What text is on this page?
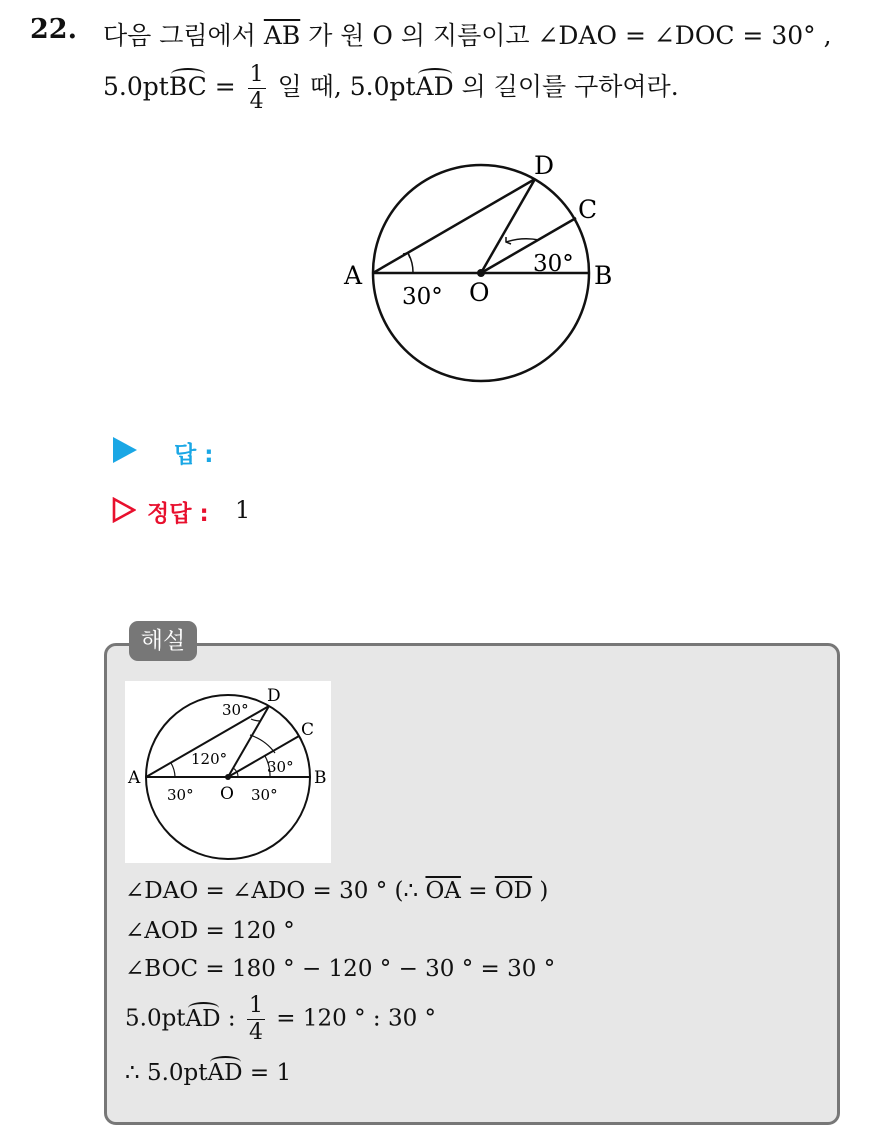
22. 다음 그림에서 $\overline{AB}$ 가 원 O 의 지름이고 ∠DAO = ∠DOC = 30° ,
5.0ptBC = $\frac{1}{4}$ 일 때, 5.0ptAD 의 길이를 구하여라.
A	B
C
D
O
30°
30°
답 :
정답 : 1
해설
A	B
C
D
O
30°
30°
120°
30°
30°
∠DAO = ∠ADO = 30 ° (∴ $\overline{OA} = \overline{OD}$ )
∠AOD = 120 °
∠BOC = 180 ° − 120 ° − 30 ° = 30 °
5.0ptAD : $\frac{1}{4} = 120$ ° : 30 °
∴ 5.0ptAD = 1
